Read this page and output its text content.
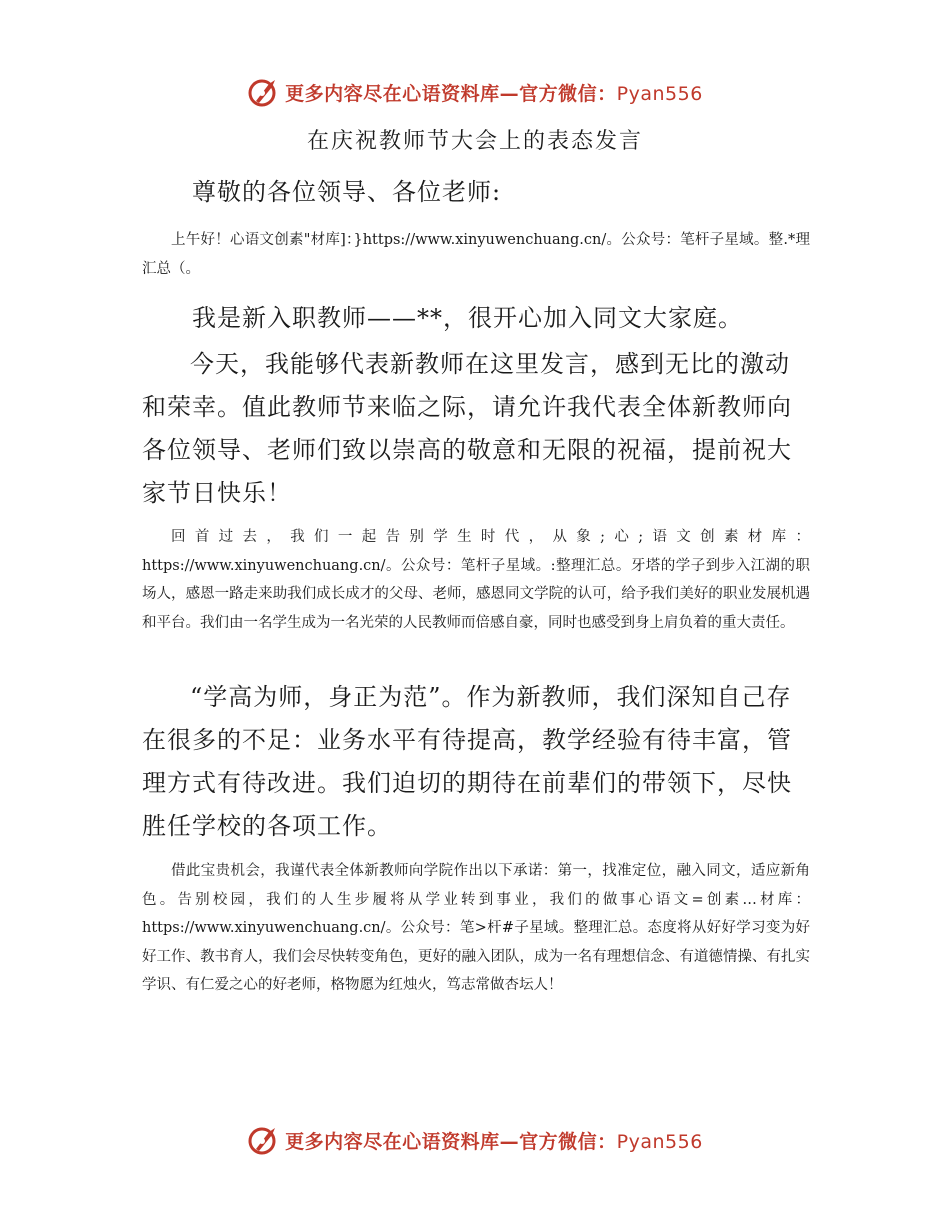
更多内容尽在心语资料库—官方微信：Pyan556
在庆祝教师节大会上的表态发言

尊敬的各位领导、各位老师:

上午好！心语文创素"材库]：}https://www.xinyuwenchuang.cn/。公众号：笔杆子星域。整.*理汇总（。

我是新入职教师——**，很开心加入同文大家庭。

今天，我能够代表新教师在这里发言，感到无比的激动和荣幸。值此教师节来临之际，请允许我代表全体新教师向各位领导、老师们致以崇高的敬意和无限的祝福，提前祝大家节日快乐！

回首过去，我们一起告别学生时代，从象;心;语文创素材库：https://www.xinyuwenchuang.cn/。公众号：笔杆子星域。:整理汇总。牙塔的学子到步入江湖的职场人，感恩一路走来助我们成长成才的父母、老师，感恩同文学院的认可，给予我们美好的职业发展机遇和平台。我们由一名学生成为一名光荣的人民教师而倍感自豪，同时也感受到身上肩负着的重大责任。

“学高为师，身正为范”。作为新教师，我们深知自己存在很多的不足：业务水平有待提高，教学经验有待丰富，管理方式有待改进。我们迫切的期待在前辈们的带领下，尽快胜任学校的各项工作。

借此宝贵机会，我谨代表全体新教师向学院作出以下承诺：第一，找准定位，融入同文，适应新角色。告别校园，我们的人生步履将从学业转到事业，我们的做事心语文=创素…材库：https://www.xinyuwenchuang.cn/。公众号：笔>杆#子星域。整理汇总。态度将从好好学习变为好好工作、教书育人，我们会尽快转变角色，更好的融入团队，成为一名有理想信念、有道德情操、有扎实学识、有仁爱之心的好老师，格物愿为红烛火，笃志常做杏坛人！

更多内容尽在心语资料库—官方微信：Pyan556
